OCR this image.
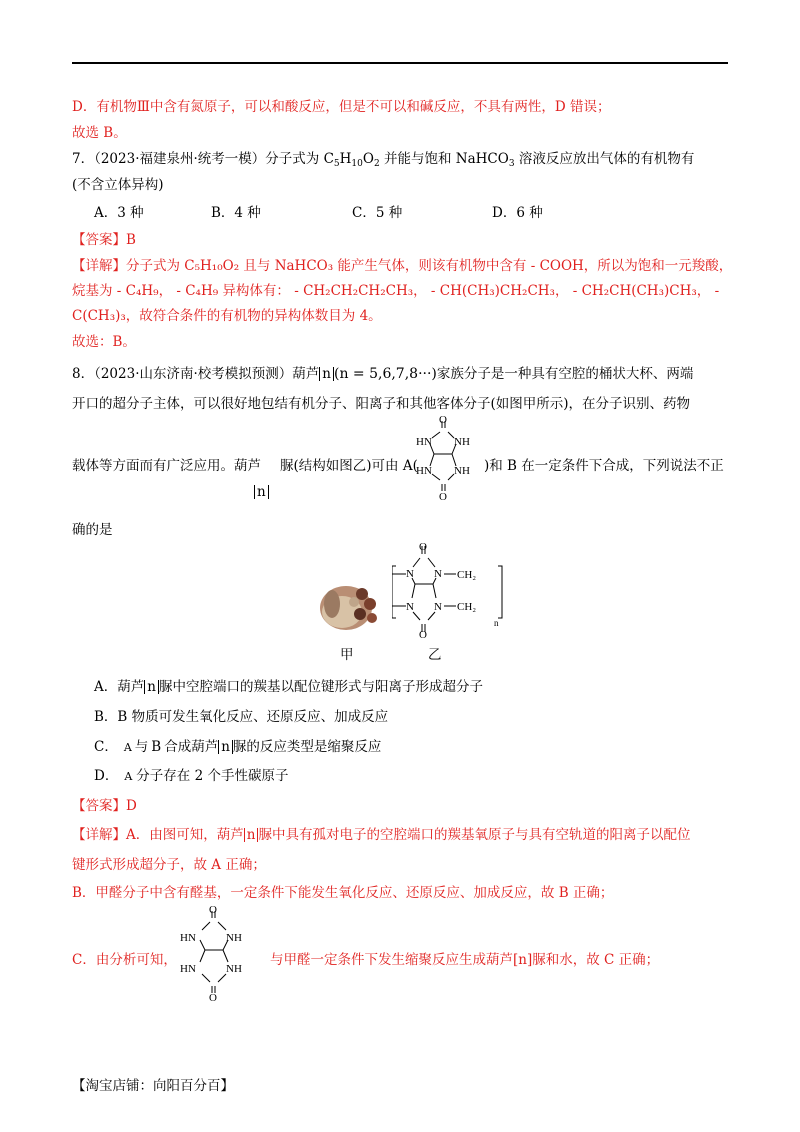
D．有机物Ⅲ中含有氮原子，可以和酸反应，但是不可以和碱反应，不具有两性，D 错误；
故选 B。
7．（2023·福建泉州·统考一模）分子式为 $C_5H_{10}O_2$ 并能与饱和 NaHCO$_3$ 溶液反应放出气体的有机物有
(不含立体异构)
A．3 种	B．4 种	C．5 种	D．6 种
【答案】B
【详解】分子式为 C₅H₁₀O₂ 且与 NaHCO₃ 能产生气体，则该有机物中含有 - COOH，所以为饱和一元羧酸，
烷基为 - C₄H₉， - C₄H₉ 异构体有： - CH₂CH₂CH₂CH₃， - CH(CH₃)CH₂CH₃， - CH₂CH(CH₃)CH₃， -
C(CH₃)₃，故符合条件的有机物的异构体数目为 4。
故选：B。
8．（2023·山东济南·校考模拟预测）葫芦 n (n = 5,6,7,8···)家族分子是一种具有空腔的桶状大杯、两端
开口的超分子主体，可以很好地包结有机分子、阳离子和其他客体分子(如图甲所示)，在分子识别、药物
载体等方面而有广泛应用。葫芦 脲(结构如图乙)可由 A(	)和 B 在一定条件下合成，下列说法不正
n
确的是
O
HN NH
HN NH
O
甲
O
N N
N N
O
CH₂
CH₂
n
乙
A．葫芦 n 脲中空腔端口的羰基以配位键形式与阳离子形成超分子
B．B 物质可发生氧化反应、还原反应、加成反应
C． A 与 B 合成葫芦 n 脲的反应类型是缩聚反应
D． A 分子存在 2 个手性碳原子
【答案】D
【详解】A．由图可知，葫芦 n 脲中具有孤对电子的空腔端口的羰基氧原子与具有空轨道的阳离子以配位
键形式形成超分子，故 A 正确；
B．甲醛分子中含有醛基，一定条件下能发生氧化反应、还原反应、加成反应，故 B 正确；
C．由分析可知，	与甲醛一定条件下发生缩聚反应生成葫芦[n]脲和水，故 C 正确；
O
HN	NH
HN	NH
O
【淘宝店铺：向阳百分百】
